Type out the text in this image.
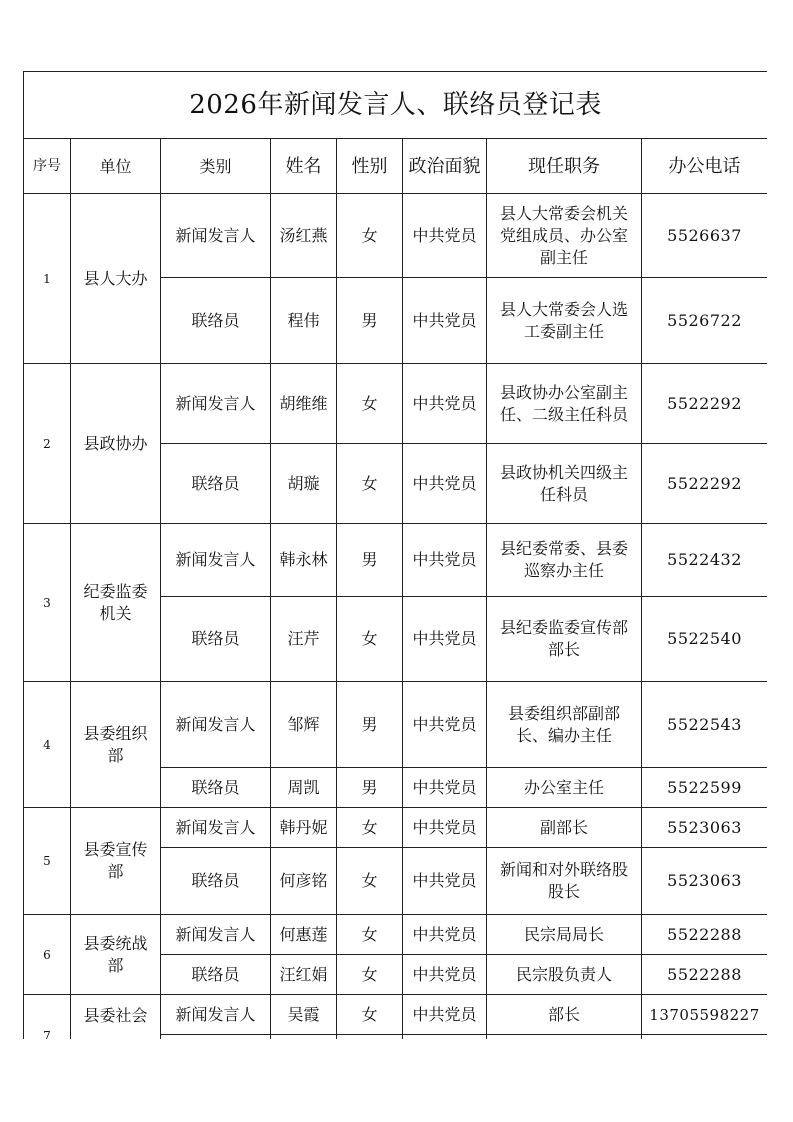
2026年新闻发言人、联络员登记表							
序号	单位	类别	姓名	性别	政治面貌	现任职务	办公电话
1	县人大办	新闻发言人	汤红燕	女	中共党员	县人大常委会机关党组成员、办公室副主任	5526637
		联络员	程伟	男	中共党员	县人大常委会人选工委副主任	5526722
2	县政协办	新闻发言人	胡维维	女	中共党员	县政协办公室副主任、二级主任科员	5522292
		联络员	胡璇	女	中共党员	县政协机关四级主任科员	5522292
3	纪委监委机关	新闻发言人	韩永林	男	中共党员	县纪委常委、县委巡察办主任	5522432
		联络员	汪芹	女	中共党员	县纪委监委宣传部部长	5522540
4	县委组织部	新闻发言人	邹辉	男	中共党员	县委组织部副部长、编办主任	5522543
		联络员	周凯	男	中共党员	办公室主任	5522599
5	县委宣传部	新闻发言人	韩丹妮	女	中共党员	副部长	5523063
		联络员	何彦铭	女	中共党员	新闻和对外联络股股长	5523063
6	县委统战部	新闻发言人	何惠莲	女	中共党员	民宗局局长	5522288
		联络员	汪红娟	女	中共党员	民宗股负责人	5522288
7	县委社会	新闻发言人	吴霞	女	中共党员	部长	13705598227
